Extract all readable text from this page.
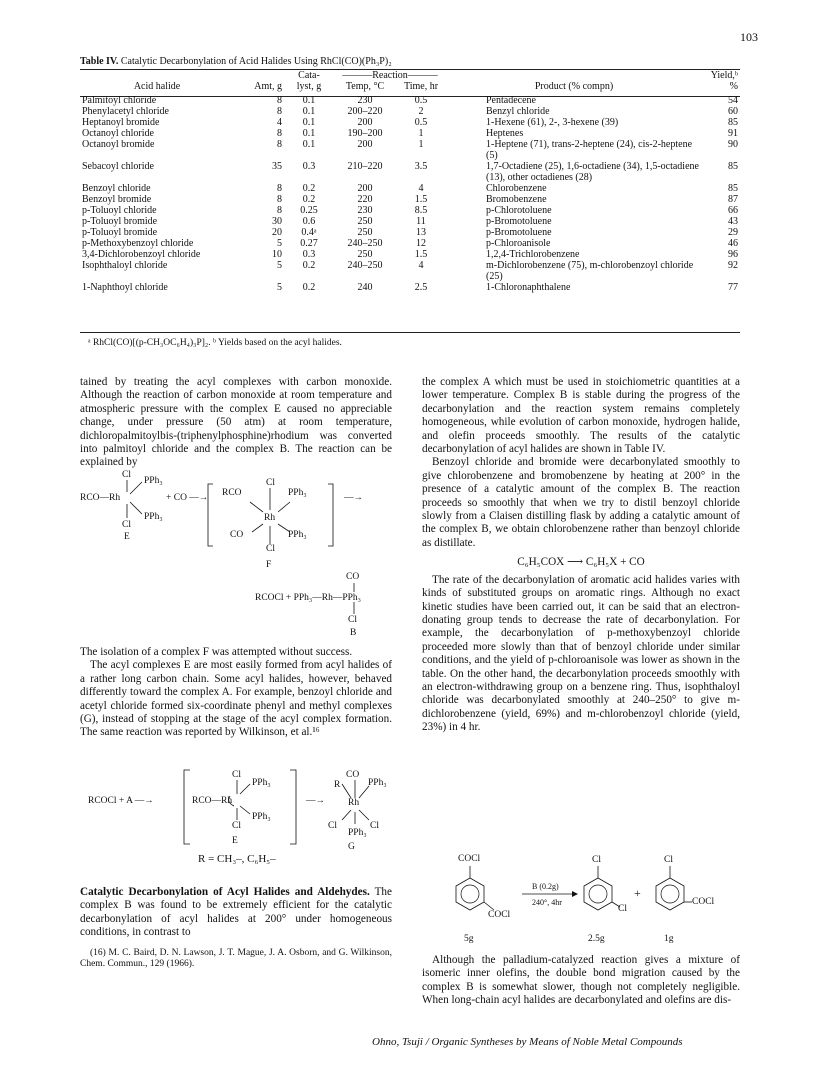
103
Table IV. Catalytic Decarbonylation of Acid Halides Using RhCl(CO)(Ph₃P)₂
Acid halide	Amt, g	Cata-	———Reaction———		Product (% compn)	Yield,ᵇ
		lyst, g	Temp, °C	Time, hr		%

Palmitoyl chloride	8	0.1	230	0.5	Pentadecene	54
Phenylacetyl chloride	8	0.1	200–220	2	Benzyl chloride	60
Heptanoyl bromide	4	0.1	200	0.5	1-Hexene (61), 2-, 3-hexene (39)	85
Octanoyl chloride	8	0.1	190–200	1	Heptenes	91
Octanoyl bromide	8	0.1	200	1	1-Heptene (71), trans-2-heptene (24), cis-2-heptene (5)	90
Sebacoyl chloride	35	0.3	210–220	3.5	1,7-Octadiene (25), 1,6-octadiene (34), 1,5-octadiene (13), other octadienes (28)	85
Benzoyl chloride	8	0.2	200	4	Chlorobenzene	85
Benzoyl bromide	8	0.2	220	1.5	Bromobenzene	87
p-Toluoyl chloride	8	0.25	230	8.5	p-Chlorotoluene	66
p-Toluoyl bromide	30	0.6	250	11	p-Bromotoluene	43
p-Toluoyl bromide	20	0.4ᵃ	250	13	p-Bromotoluene	29
p-Methoxybenzoyl chloride	5	0.27	240–250	12	p-Chloroanisole	46
3,4-Dichlorobenzoyl chloride	10	0.3	250	1.5	1,2,4-Trichlorobenzene	96
Isophthaloyl chloride	5	0.2	240–250	4	m-Dichlorobenzene (75), m-chlorobenzoyl chloride (25)	92
1-Naphthoyl chloride	5	0.2	240	2.5	1-Chloronaphthalene	77
ᵃ RhCl(CO)[(p-CH₃OC₆H₄)₃P]₂. ᵇ Yields based on the acyl halides.

tained by treating the acyl complexes with carbon monoxide. Although the reaction of carbon monoxide at room temperature and atmospheric pressure with the complex E caused no appreciable change, under pressure (50 atm) at room temperature, dichloropalmitoylbis-(triphenylphosphine)rhodium was converted into palmitoyl chloride and the complex B. The reaction can be explained by

Cl
PPh₃
RCO—Rh
PPh₃
Cl
E
+ CO —→ RCO
Cl
PPh₃
Rh
CO	PPh₃
Cl
F
—→
CO
RCOCl + PPh₃—Rh—PPh₃
Cl
B

The isolation of a complex F was attempted without success.

The acyl complexes E are most easily formed from acyl halides of a rather long carbon chain. Some acyl halides, however, behaved differently toward the complex A. For example, benzoyl chloride and acetyl chloride formed six-coordinate phenyl and methyl complexes (G), instead of stopping at the stage of the acyl complex formation. The same reaction was reported by Wilkinson, et al.¹⁶

Cl
PPh₃
RCOCl + A —→	RCO—Rh
PPh₃
Cl
E
—→
CO
R	PPh₃
Rh
Cl	Cl
PPh₃
G
R = CH₃–, C₆H₅–

Catalytic Decarbonylation of Acyl Halides and Aldehydes. The complex B was found to be extremely efficient for the catalytic decarbonylation of acyl halides at 200° under homogeneous conditions, in contrast to

(16) M. C. Baird, D. N. Lawson, J. T. Mague, J. A. Osborn, and G. Wilkinson, Chem. Commun., 129 (1966).

the complex A which must be used in stoichiometric quantities at a lower temperature. Complex B is stable during the progress of the decarbonylation and the reaction system remains completely homogeneous, while evolution of carbon monoxide, hydrogen halide, and olefin proceeds smoothly. The results of the catalytic decarbonylation of acyl halides are shown in Table IV.

Benzoyl chloride and bromide were decarbonylated smoothly to give chlorobenzene and bromobenzene by heating at 200° in the presence of a catalytic amount of the complex B. The reaction proceeds so smoothly that when we try to distil benzoyl chloride slowly from a Claisen distilling flask by adding a catalytic amount of the complex B, we obtain chlorobenzene rather than benzoyl chloride as distillate.

C₆H₅COX ⟶ C₆H₅X + CO

The rate of the decarbonylation of aromatic acid halides varies with kinds of substituted groups on aromatic rings. Although no exact kinetic studies have been carried out, it can be said that an electron-donating group tends to decrease the rate of decarbonylation. For example, the decarbonylation of p-methoxybenzoyl chloride proceeded more slowly than that of benzoyl chloride under similar conditions, and the yield of p-chloroanisole was lower as shown in the table. On the other hand, the decarbonylation proceeds smoothly with an electron-withdrawing group on a benzene ring. Thus, isophthaloyl chloride was decarbonylated smoothly at 240–250° to give m-dichlorobenzene (yield, 69%) and m-chlorobenzoyl chloride (yield, 23%) in 4 hr.

COCl
COCl
B (0.2g)
240°, 4hr
Cl
Cl
+
Cl
COCl
5g	2.5g	1g

Although the palladium-catalyzed reaction gives a mixture of isomeric inner olefins, the double bond migration caused by the complex B is somewhat slower, though not completely negligible. When long-chain acyl halides are decarbonylated and olefins are dis-

Ohno, Tsuji / Organic Syntheses by Means of Noble Metal Compounds
